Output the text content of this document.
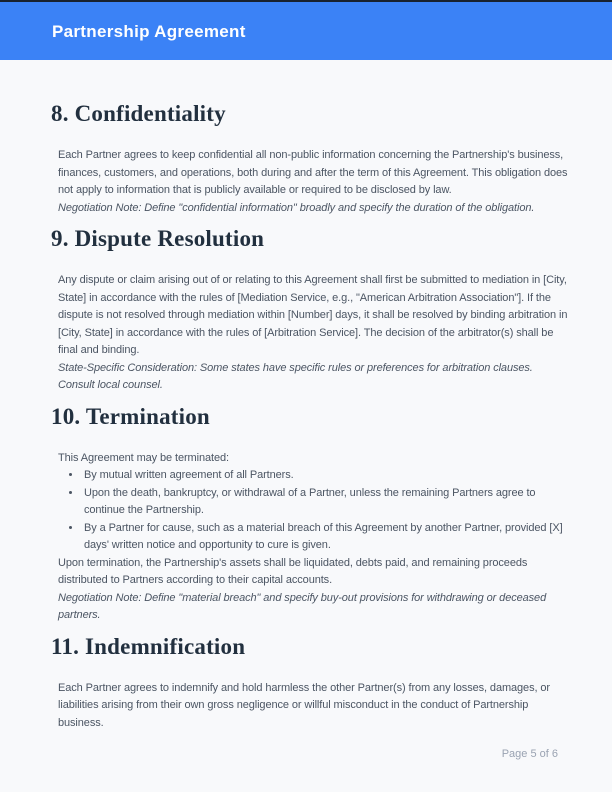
Partnership Agreement
8. Confidentiality

Each Partner agrees to keep confidential all non-public information concerning the Partnership's business, finances, customers, and operations, both during and after the term of this Agreement. This obligation does not apply to information that is publicly available or required to be disclosed by law.

Negotiation Note: Define "confidential information" broadly and specify the duration of the obligation.

9. Dispute Resolution

Any dispute or claim arising out of or relating to this Agreement shall first be submitted to mediation in [City, State] in accordance with the rules of [Mediation Service, e.g., "American Arbitration Association"]. If the dispute is not resolved through mediation within [Number] days, it shall be resolved by binding arbitration in [City, State] in accordance with the rules of [Arbitration Service]. The decision of the arbitrator(s) shall be final and binding.

State-Specific Consideration: Some states have specific rules or preferences for arbitration clauses. Consult local counsel.

10. Termination

This Agreement may be terminated:

• By mutual written agreement of all Partners.
• Upon the death, bankruptcy, or withdrawal of a Partner, unless the remaining Partners agree to continue the Partnership.
• By a Partner for cause, such as a material breach of this Agreement by another Partner, provided [X] days' written notice and opportunity to cure is given.

Upon termination, the Partnership's assets shall be liquidated, debts paid, and remaining proceeds distributed to Partners according to their capital accounts.

Negotiation Note: Define "material breach" and specify buy-out provisions for withdrawing or deceased partners.

11. Indemnification

Each Partner agrees to indemnify and hold harmless the other Partner(s) from any losses, damages, or liabilities arising from their own gross negligence or willful misconduct in the conduct of Partnership business.

Page 5 of 6
